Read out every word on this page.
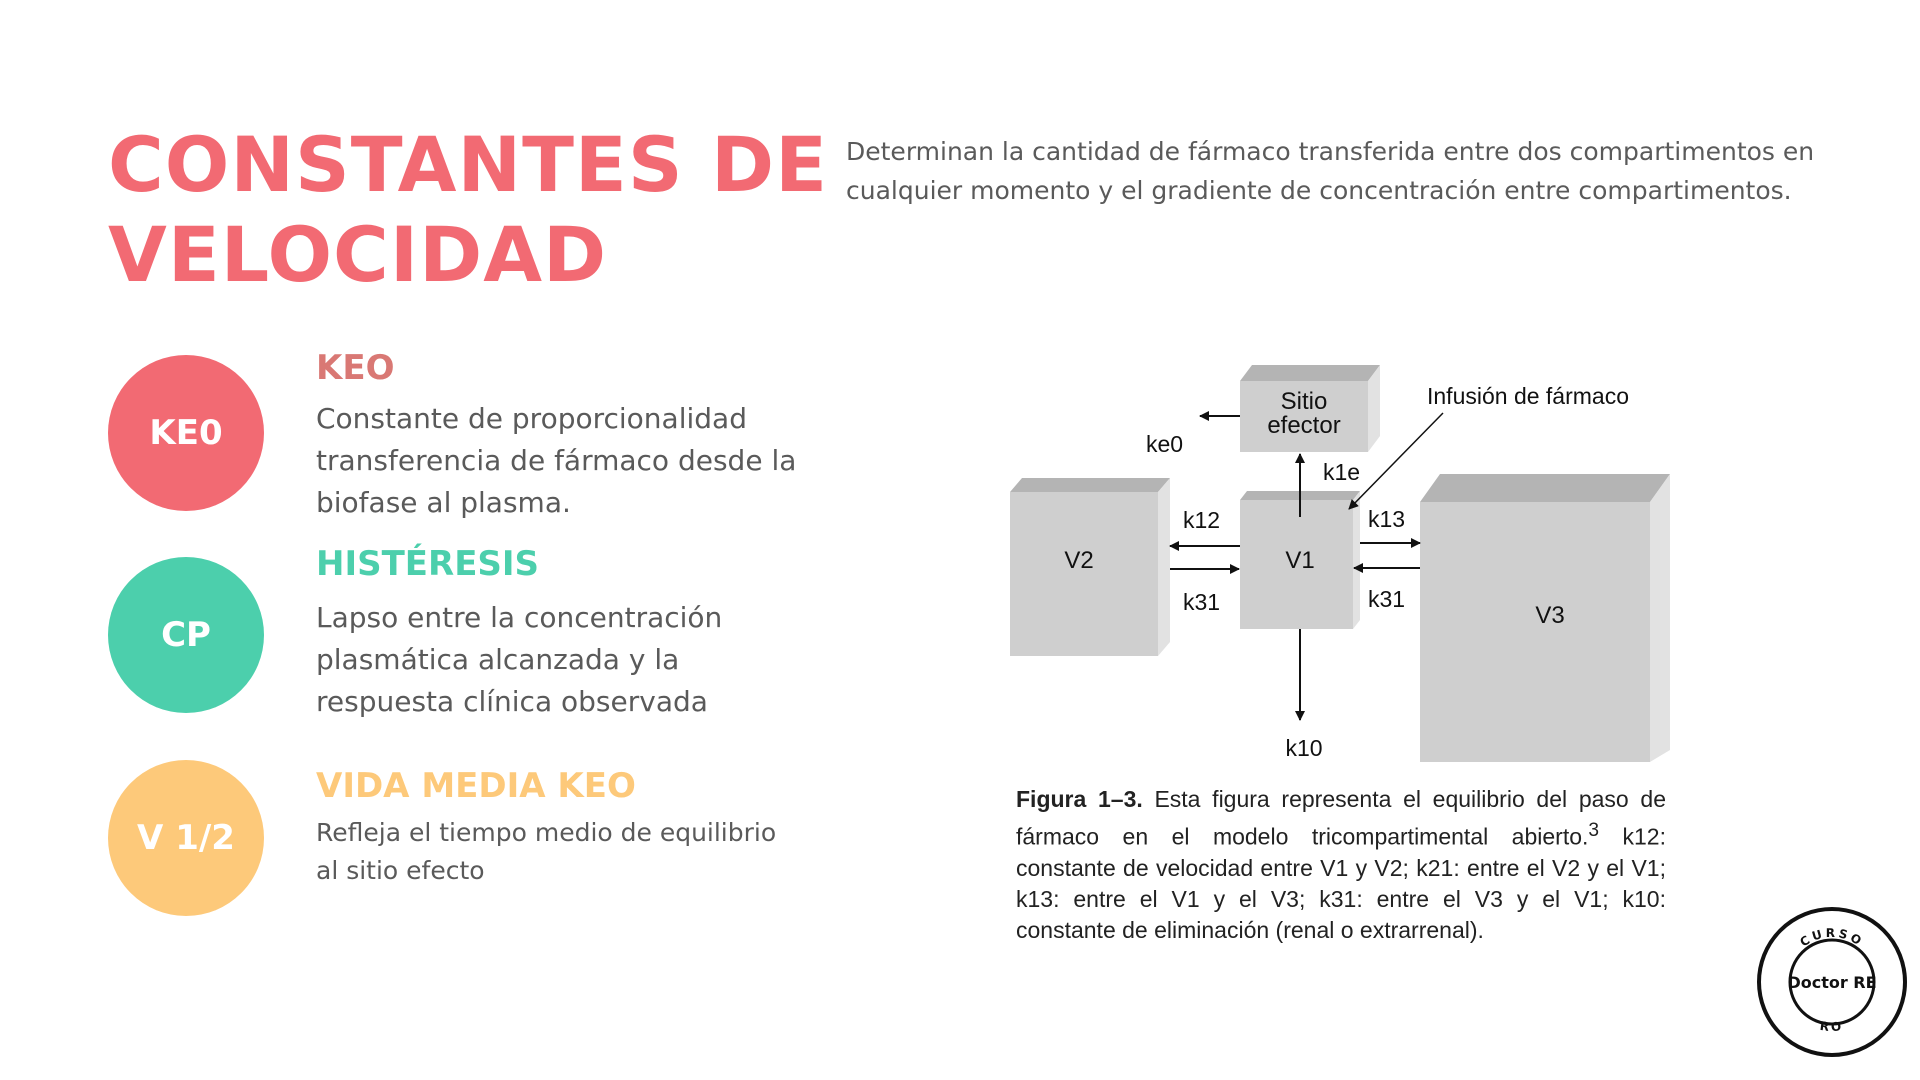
CONSTANTES DE
VELOCIDAD

Determinan la cantidad de fármaco transferida entre dos compartimentos en cualquier momento y el gradiente de concentración entre compartimentos.

KE0
KEO

Constante de proporcionalidad transferencia de fármaco desde la biofase al plasma.

CP
HISTÉRESIS

Lapso entre la concentración plasmática alcanzada y la respuesta clínica observada

V 1/2
VIDA MEDIA KEO

Refleja el tiempo medio de equilibrio al sitio efecto

Sitio
efector
Infusión de fármaco
ke0
k1e
k12
k31
k13
k31
k10
V2	V1
V3

Figura 1–3. Esta figura representa el equilibrio del paso de fármaco en el modelo tricompartimental abierto.$^3$ k12: constante de velocidad entre V1 y V2; k21: entre el V2 y el V1; k13: entre el V1 y el V3; k31: entre el V3 y el V1; k10: constante de eliminación (renal o extrarrenal).	CURSO
Doctor RE
RO
